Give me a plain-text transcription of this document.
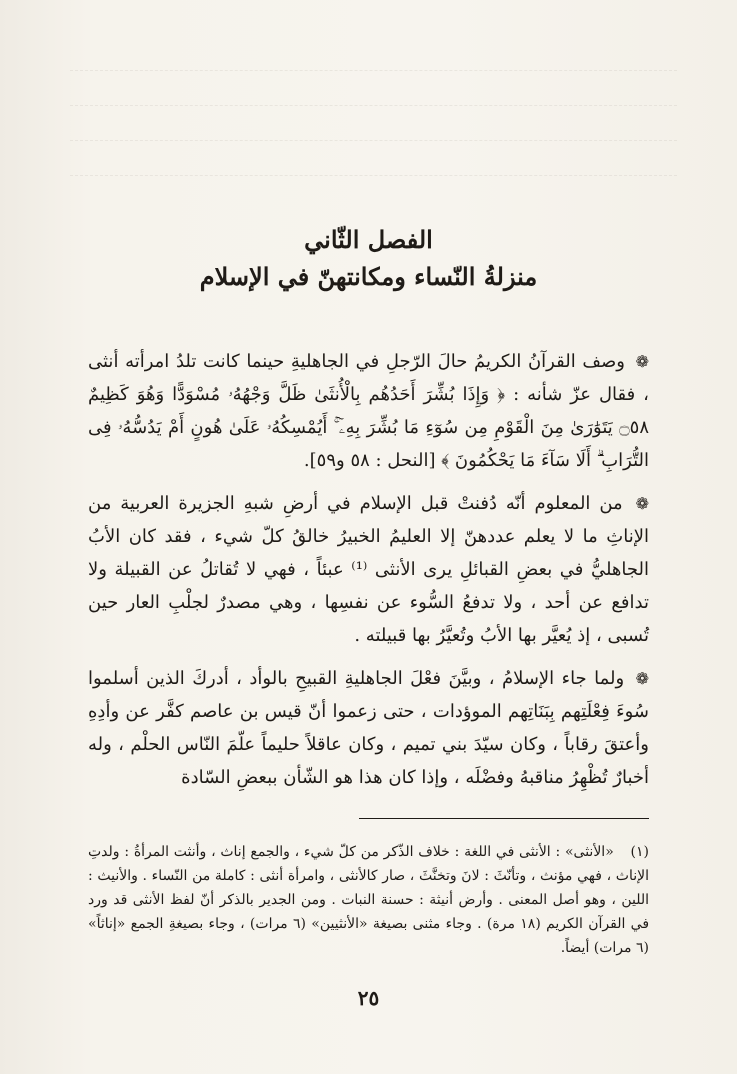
الفصل الثّاني
منزلةُ النّساء ومكانتهنّ في الإسلام

❁ وصف القرآنُ الكريمُ حالَ الرّجلِ في الجاهليةِ حينما كانت تلدُ امرأته أنثى ، فقال عزّ شأنه : ﴿ وَإِذَا بُشِّرَ أَحَدُهُم بِالْأُنثَىٰ ظَلَّ وَجْهُهُۥ مُسْوَدًّا وَهُوَ كَظِيمٌ ۝٥٨ يَتَوَٰرَىٰ مِنَ الْقَوْمِ مِن سُوٓءِ مَا بُشِّرَ بِهِۦٓ ۚ أَيُمْسِكُهُۥ عَلَىٰ هُونٍ أَمْ يَدُسُّهُۥ فِى التُّرَابِ ۗ أَلَا سَآءَ مَا يَحْكُمُونَ ﴾ [النحل : ٥٨ و٥٩].

❁ من المعلوم أنّه دُفنتْ قبل الإسلام في أرضِ شبهِ الجزيرة العربية من الإناثِ ما لا يعلم عددهنّ إلا العليمُ الخبيرُ خالقُ كلّ شيء ، فقد كان الأبُ الجاهليُّ في بعضِ القبائلِ يرى الأنثى ⁽¹⁾ عبئاً ، فهي لا تُقاتلُ عن القبيلة ولا تدافع عن أحد ، ولا تدفعُ السُّوء عن نفسِها ، وهي مصدرٌ لجلْبِ العار حين تُسبى ، إذ يُعيَّر بها الأبُ وتُعيَّرُ بها قبيلته .

❁ ولما جاء الإسلامُ ، وبيَّنَ فعْلَ الجاهليةِ القبيحِ بالوأد ، أدركَ الذين أسلموا سُوءَ فِعْلَتِهم بِبَنَاتِهم الموؤدات ، حتى زعموا أنّ قيس بن عاصم كفَّر عن وأدِهِ وأعتقَ رقاباً ، وكان سيّدَ بني تميم ، وكان عاقلاً حليماً علّمَ النّاس الحلْم ، وله أخبارٌ تُظْهِرُ مناقبهُ وفضْلَه ، وإذا كان هذا هو الشّأن ببعضِ السّادة

(١) «الأنثى» : الأنثى في اللغة : خلاف الذّكر من كلّ شيء ، والجمع إناث ، وأنثت المرأةُ : ولدتِ الإناث ، فهي مؤنث ، وتأنّثَ : لانَ وتخنَّثَ ، صار كالأنثى ، وامرأة أنثى : كاملة من النّساء . والأنيث : اللين ، وهو أصل المعنى . وأرض أنيثة : حسنة النبات . ومن الجدير بالذكر أنّ لفظ الأنثى قد ورد في القرآن الكريم (١٨ مرة) . وجاء مثنى بصيغة «الأنثيين» (٦ مرات) ، وجاء بصيغةِ الجمع «إناثاً» (٦ مرات) أيضاً.
٢٥
